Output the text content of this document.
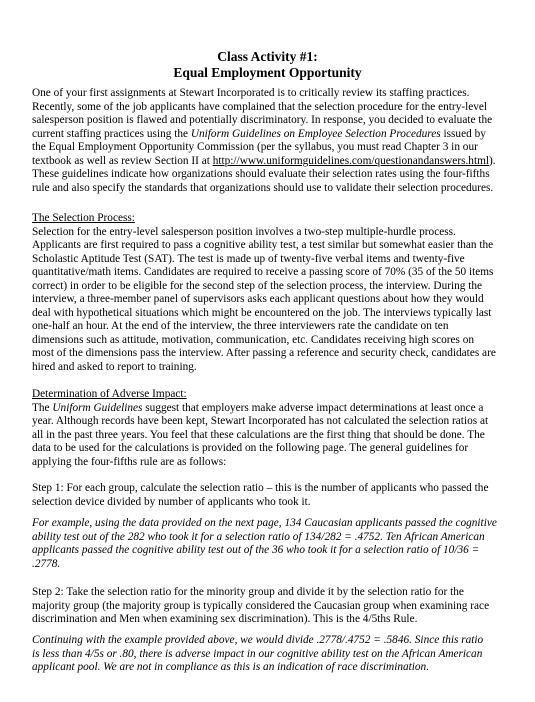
Class Activity #1:
Equal Employment Opportunity
One of your first assignments at Stewart Incorporated is to critically review its staffing practices.
Recently, some of the job applicants have complained that the selection procedure for the entry-level
salesperson position is flawed and potentially discriminatory. In response, you decided to evaluate the
current staffing practices using the Uniform Guidelines on Employee Selection Procedures issued by
the Equal Employment Opportunity Commission (per the syllabus, you must read Chapter 3 in our
textbook as well as review Section II at http://www.uniformguidelines.com/questionandanswers.html).
These guidelines indicate how organizations should evaluate their selection rates using the four-fifths
rule and also specify the standards that organizations should use to validate their selection procedures.
The Selection Process:
Selection for the entry-level salesperson position involves a two-step multiple-hurdle process.
Applicants are first required to pass a cognitive ability test, a test similar but somewhat easier than the
Scholastic Aptitude Test (SAT). The test is made up of twenty-five verbal items and twenty-five
quantitative/math items. Candidates are required to receive a passing score of 70% (35 of the 50 items
correct) in order to be eligible for the second step of the selection process, the interview. During the
interview, a three-member panel of supervisors asks each applicant questions about how they would
deal with hypothetical situations which might be encountered on the job. The interviews typically last
one-half an hour. At the end of the interview, the three interviewers rate the candidate on ten
dimensions such as attitude, motivation, communication, etc. Candidates receiving high scores on
most of the dimensions pass the interview. After passing a reference and security check, candidates are
hired and asked to report to training.
Determination of Adverse Impact:
The Uniform Guidelines suggest that employers make adverse impact determinations at least once a
year. Although records have been kept, Stewart Incorporated has not calculated the selection ratios at
all in the past three years. You feel that these calculations are the first thing that should be done. The
data to be used for the calculations is provided on the following page. The general guidelines for
applying the four-fifths rule are as follows:
Step 1: For each group, calculate the selection ratio – this is the number of applicants who passed the
selection device divided by number of applicants who took it.
For example, using the data provided on the next page, 134 Caucasian applicants passed the cognitive
ability test out of the 282 who took it for a selection ratio of 134/282 = .4752. Ten African American
applicants passed the cognitive ability test out of the 36 who took it for a selection ratio of 10/36 =
.2778.
Step 2: Take the selection ratio for the minority group and divide it by the selection ratio for the
majority group (the majority group is typically considered the Caucasian group when examining race
discrimination and Men when examining sex discrimination). This is the 4/5ths Rule.
Continuing with the example provided above, we would divide .2778/.4752 = .5846. Since this ratio
is less than 4/5s or .80, there is adverse impact in our cognitive ability test on the African American
applicant pool. We are not in compliance as this is an indication of race discrimination.
